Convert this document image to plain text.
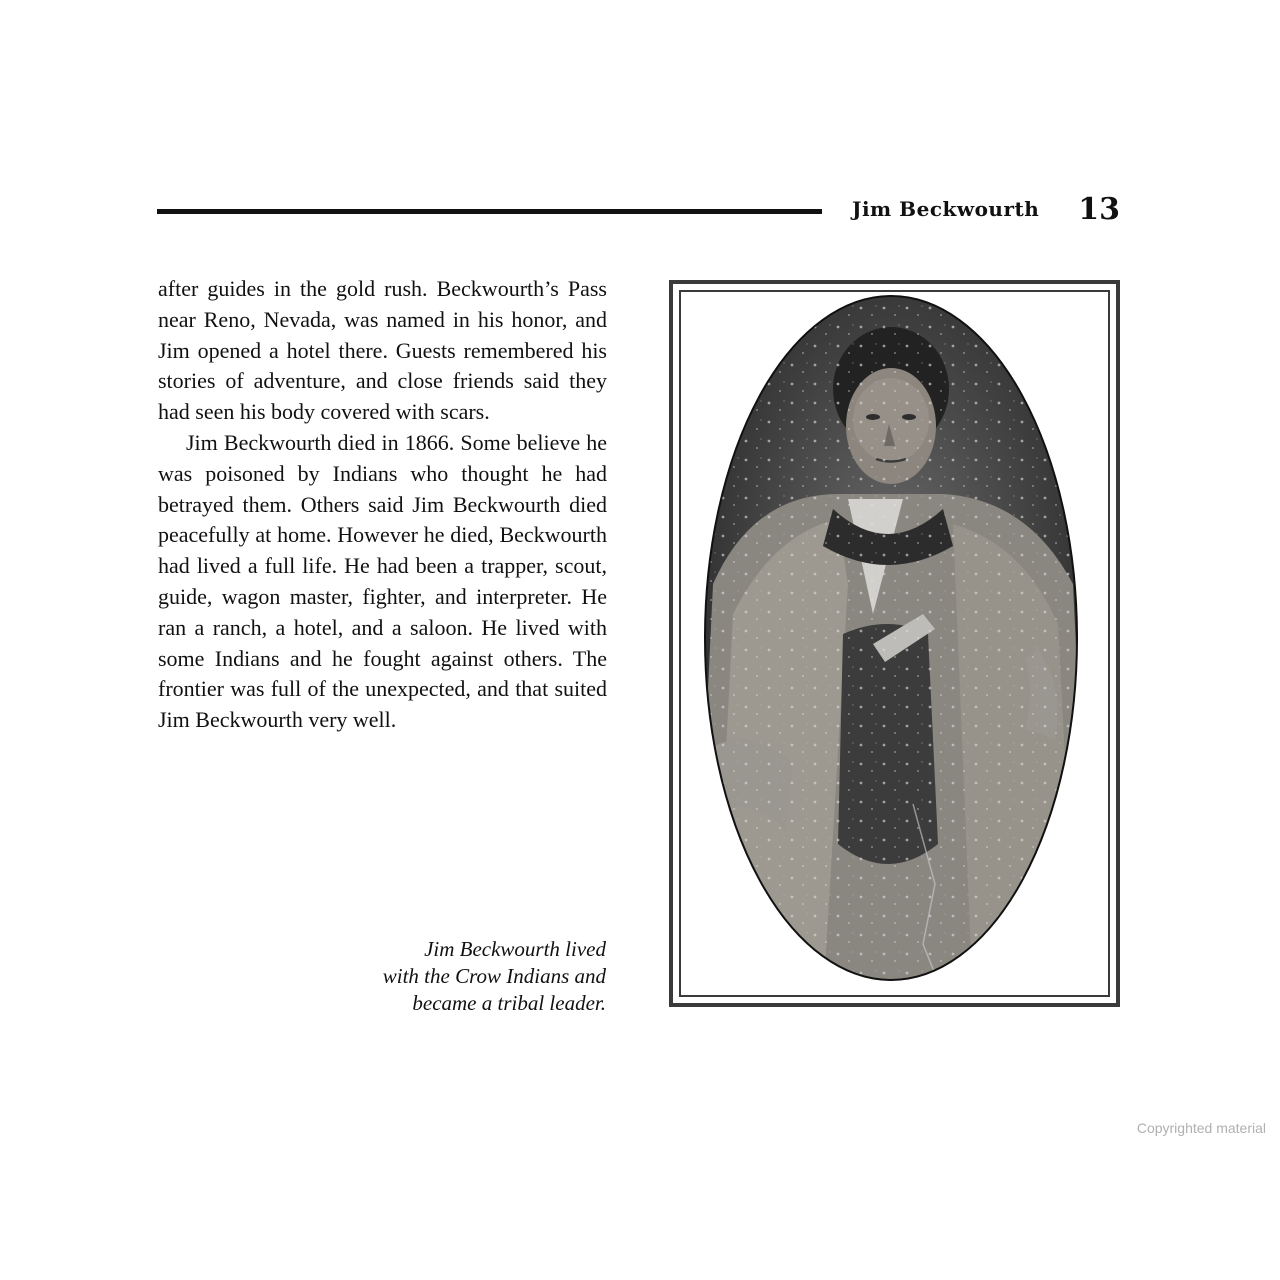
Jim Beckwourth 13

after guides in the gold rush. Beckwourth’s Pass near Reno, Nevada, was named in his honor, and Jim opened a hotel there. Guests remembered his stories of adventure, and close friends said they had seen his body covered with scars.

Jim Beckwourth died in 1866. Some believe he was poisoned by Indians who thought he had betrayed them. Others said Jim Beckwourth died peacefully at home. However he died, Beckwourth had lived a full life. He had been a trapper, scout, guide, wagon master, fighter, and interpreter. He ran a ranch, a hotel, and a saloon. He lived with some Indians and he fought against others. The frontier was full of the unexpected, and that suited Jim Beckwourth very well.

Jim Beckwourth lived
with the Crow Indians and
became a tribal leader.
Copyrighted material
